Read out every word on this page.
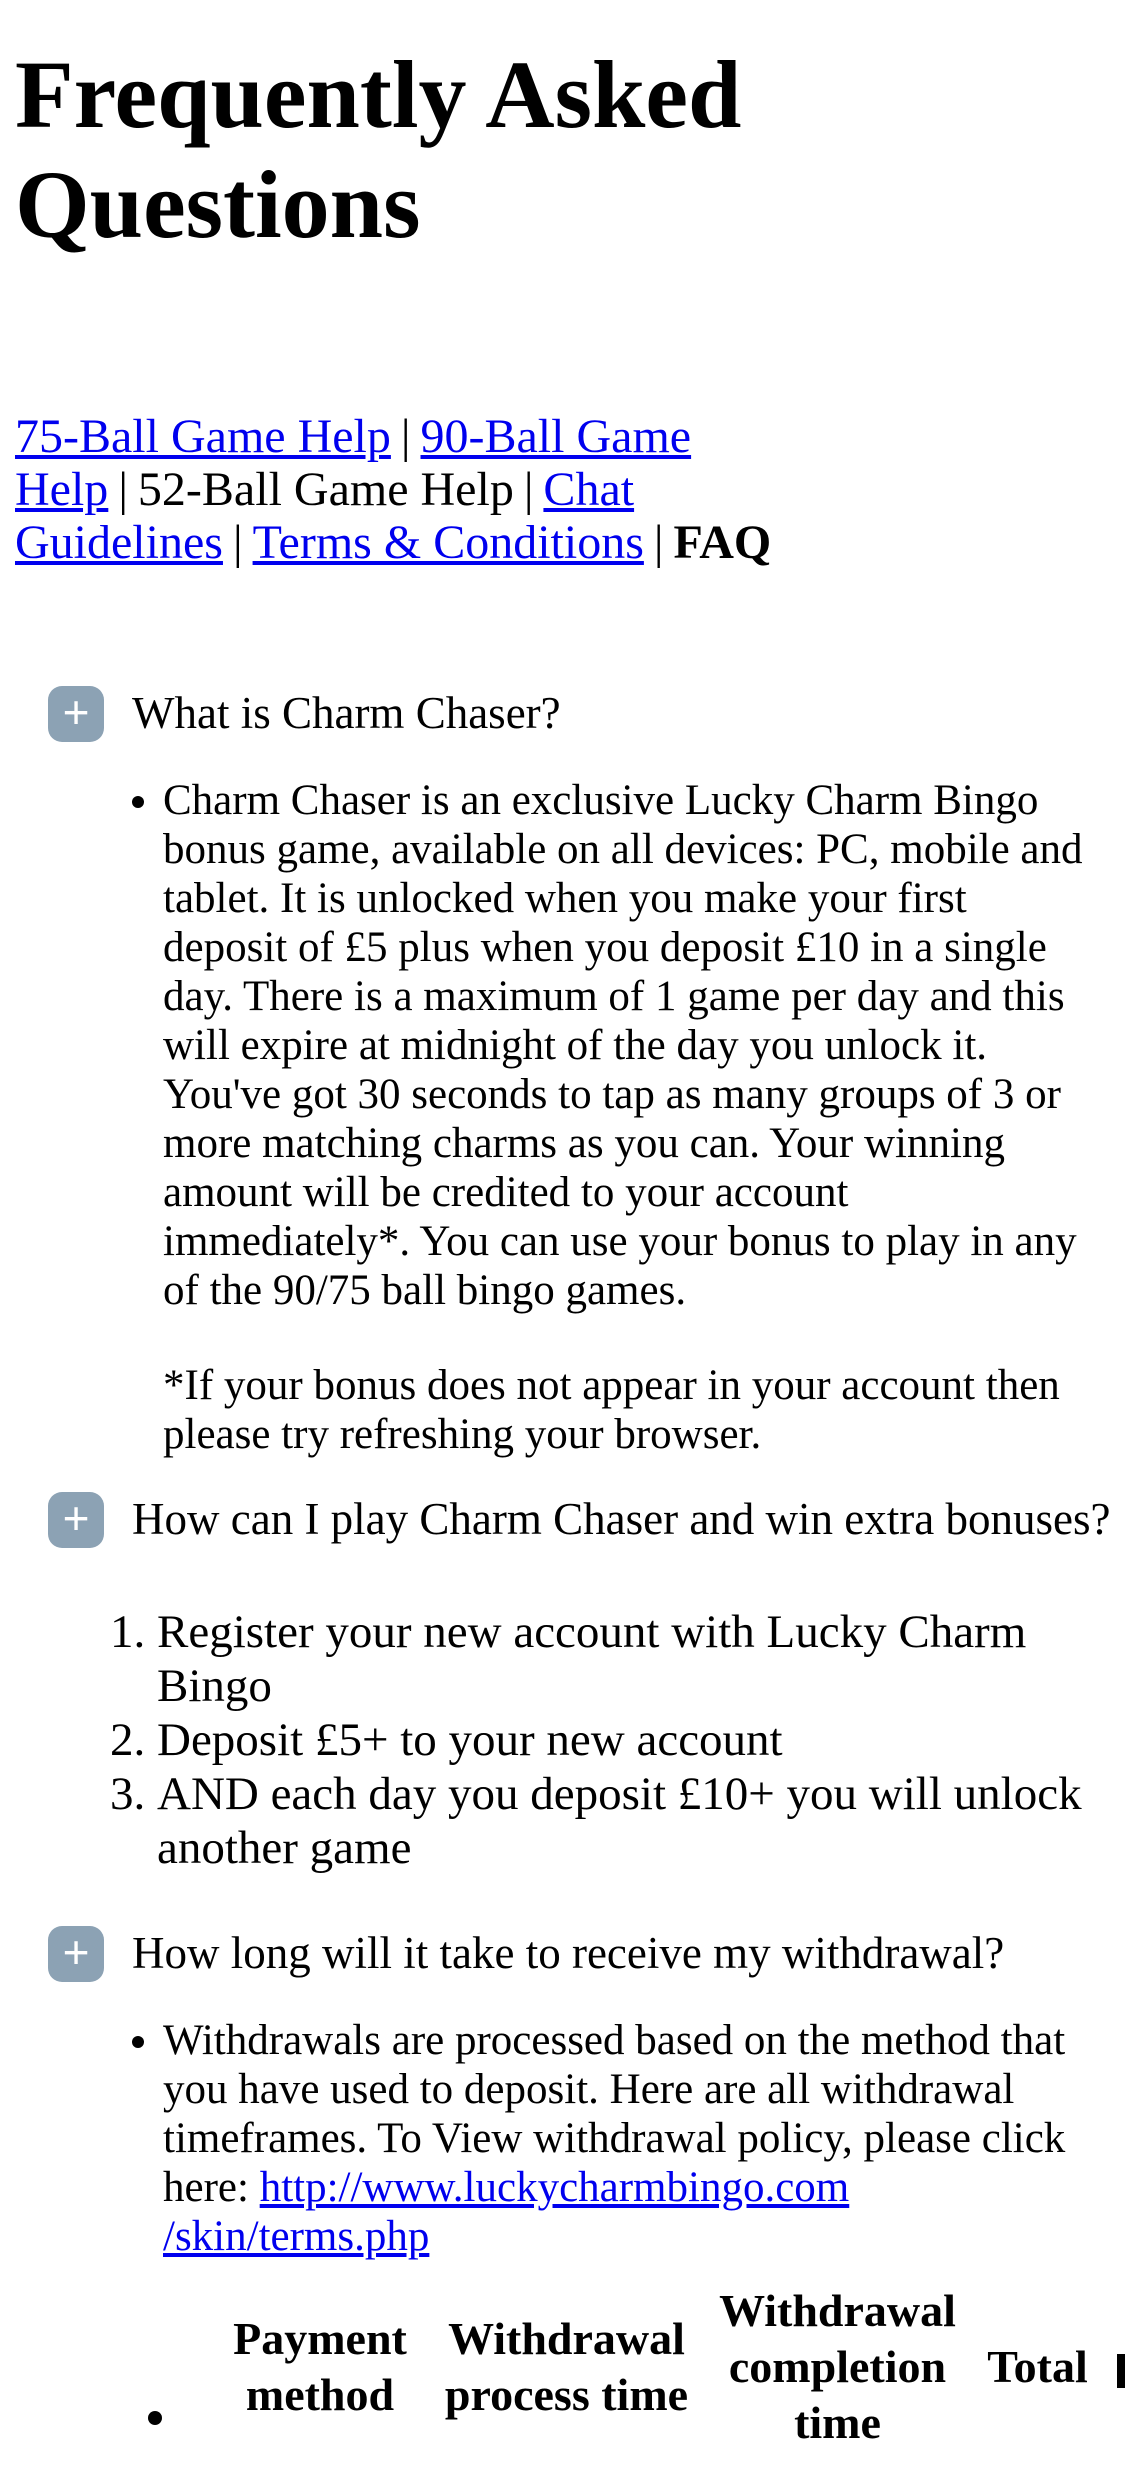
Frequently Asked Questions

75-Ball Game Help | 90-Ball Game Help | 52-Ball Game Help | Chat Guidelines | Terms & Conditions | FAQ

+ What is Charm Chaser?
• Charm Chaser is an exclusive Lucky Charm Bingo bonus game, available on all devices: PC, mobile and tablet. It is unlocked when you make your first deposit of £5 plus when you deposit £10 in a single day. There is a maximum of 1 game per day and this will expire at midnight of the day you unlock it. You've got 30 seconds to tap as many groups of 3 or more matching charms as you can. Your winning amount will be credited to your account immediately*. You can use your bonus to play in any of the 90/75 ball bingo games.

*If your bonus does not appear in your account then please try refreshing your browser.

+ How can I play Charm Chaser and win extra bonuses?
1. Register your new account with Lucky Charm Bingo
2. Deposit £5+ to your new account
3. AND each day you deposit £10+ you will unlock another game
+ How long will it take to receive my withdrawal?
• Withdrawals are processed based on the method that you have used to deposit. Here are all withdrawal timeframes. To View withdrawal policy, please click here: http://www.luckycharmbingo.com/skin/terms.php
Payment method	Withdrawal process time	Withdrawal completion time	Total	
